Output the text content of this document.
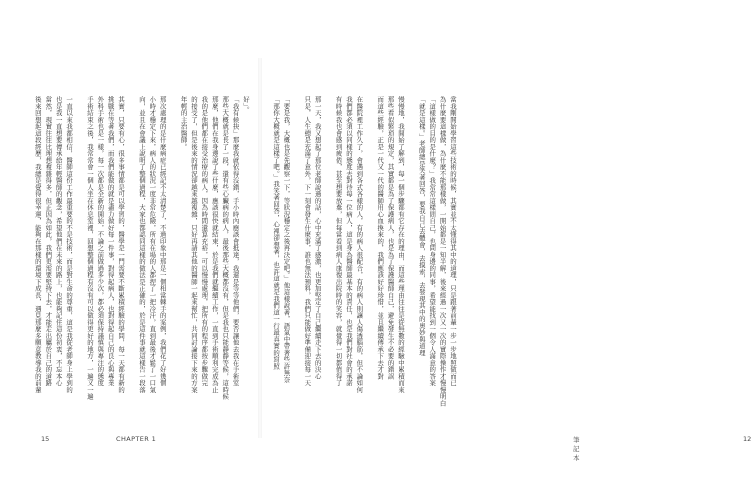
好」。
「我有候抉」那麼我就依得沒錯，手小時內應該會抵達，我還是等等他們，要否讓他去我在手術室
那些大概就是長了一段，還有些心臟病的病人，最後那些大概都沒有，但是我也只能靜靜等候，這時候
那麼，他們在我身邊說了些什麼，應該很快就結束，於是我們就繼續工作，一直到手術順利完成為止
我的是他們都在接受治療的病人，因為時間還算充裕，可以慢慢處理，把所有的程序都按步驟做完
的接受了，但是後來的情況卻越來越複雜，只好再請其他的醫師一起來幫忙，共同討論接下來的方案
年輕的主治醫師。

那次處理的是什麼病症已經記不太清楚了，不過印象中那是一個相當棘手的案例，我們花了好幾個
小時才穩定下來，病人的狀況一度非常危險，所有在場的人都捏了一把冷汗，直到最後才鬆了一口氣
向，並且在會議上說明了整個過程，大家也都認同這樣的做法是正確的，於是這件事就這樣告一段落

其實，只要有心，很多事情都是可以學習的，醫學是一門需要不斷累積經驗的學問，每一天都有新的
挑戰在等著我們，而我們能做的就是盡力做好每一件事，對得起病人，也對得起自己的良心與專業
外科手術也是一樣，每一次都是全新的開始，不論之前做過多少次，都必須保持謹慎與專注的態度
手術結束之後，我常常會一個人坐在休息室裡，回想整個過程有沒有可以做得更好的地方，一遍又一遍

一直以來我都相信，醫師這份工作最重要的不是技術，而是對生命的尊重，這是我從老師身上學到的
也是我一直想要傳承給年輕醫師的觀念，希望他們在未來的路上，也能夠記住這份初衷，不忘本心
當然，現實往往比理想複雜得多，但正因為如此，我們更需要堅持下去，才能走出屬於自己的道路
後來回想起這段經歷，我總是覺得很幸運，能夠在那樣的環境下成長，遇見那麼多願意教導我的前輩
15	CHAPTER 1
當我剛開始學習這些技術的時候，其實並不太懂得其中的道理，只是跟著前輩一步一步地照做而已
為什麼要這樣做，為什麼不能那樣做，一開始都是一知半解，後來經過一次又一次的實際操作才慢慢明白
「這樣做的目的是什麼？」我常常這樣問自己，也問身邊的同事，希望能找到一個令人滿意的答案
「就是這樣。」老師總是笑著回答，要我自己去體會，去摸索，去發現其中的奧妙與道理

慢慢地，我開始了解到，每一個步驟都有它存在的理由，而這些理由往往是從無數的經驗中累積而來
那些看似繁瑣的規定，其實都是為了保護病人，也是為了保護醫師自己，避免發生不必要的錯誤
而這些經驗，正是一代又一代的醫師用心血換來的，我們應該好好珍惜，並且繼續傳承下去才對

在醫院裡工作久了，會遇到各式各樣的人，有的病人很配合，有的病人則讓人傷透腦筋，但不論如何
我們都必須以同樣的態度去對待每一位病人，這是身為醫師最基本的責任，也是我們對社會的承諾
有時候我也會感到疲倦，甚至想要放棄，但每當看到病人康復出院時的笑容，就覺得一切都值得了

那一天，我又想起了那位老師說過的話，心中充滿了感激，也更加堅定了自己繼續走下去的決心
只是，人生總是充滿了意外，下一刻會發生什麼事，誰也無法預料，我們只能做好準備迎接每一天

「要是我，大概也是先觀察一下，等狀況穩定之後再決定吧。」他這樣說著，語氣中帶著些許無奈
「那你大概就是這樣了吧。」我笑著回答，心裡卻想著，也許這就是我們這一行最真實的寫照
筆記本
12
